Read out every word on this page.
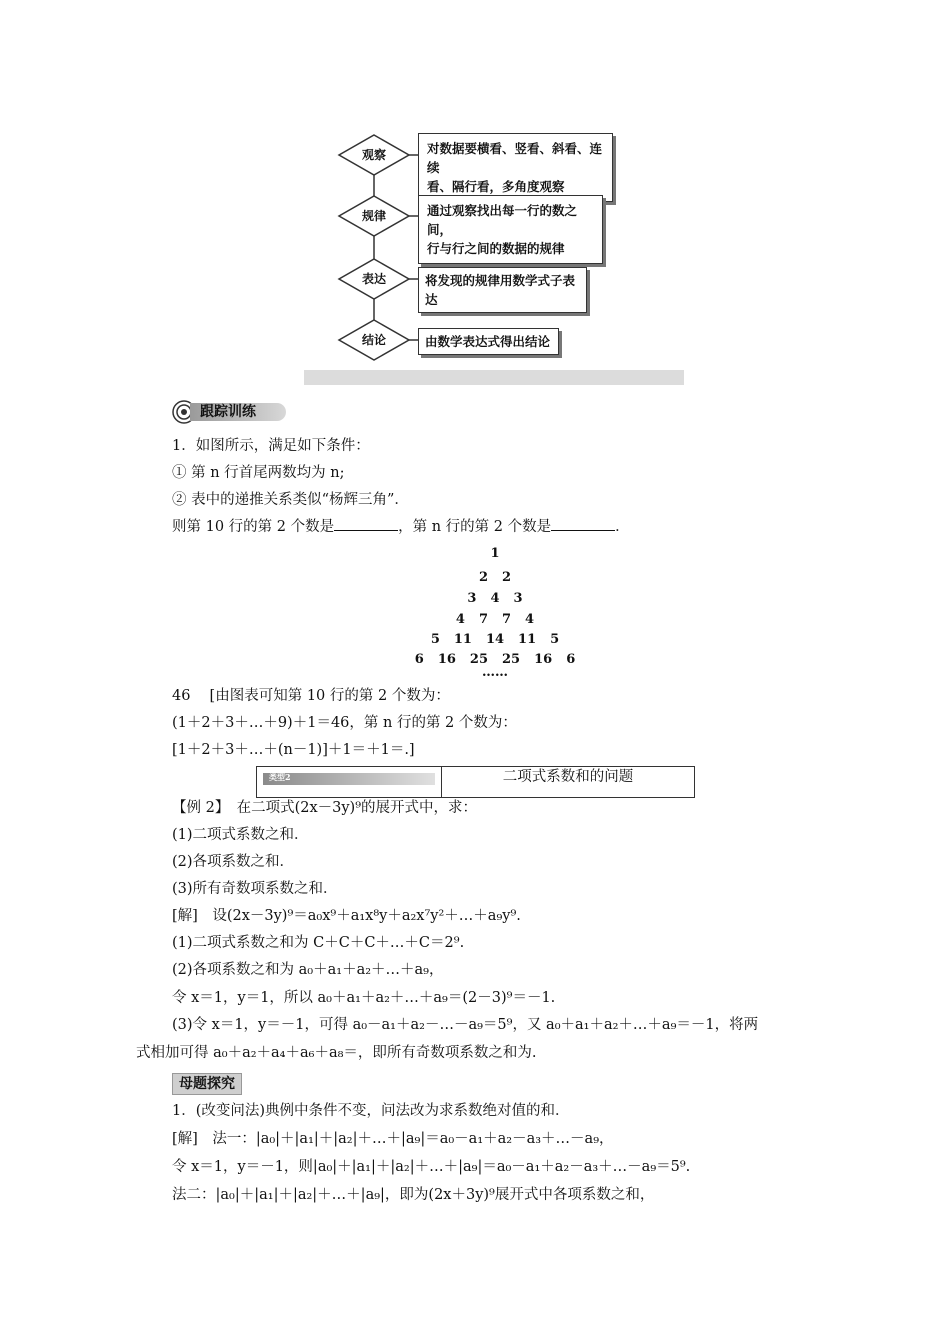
观察
规律
表达
结论
对数据要横看、竖看、斜看、连续
看、隔行看，多角度观察
通过观察找出每一行的数之间，
行与行之间的数据的规律
将发现的规律用数学式子表达
由数学表达式得出结论
跟踪训练
1．如图所示，满足如下条件：
① 第 n 行首尾两数均为 n;
② 表中的递推关系类似“杨辉三角”．
则第 10 行的第 2 个数是	，第 n 行的第 2 个数是	．
1
2 2
3 4 3
4 7 7 4
5 11 14 11 5
6 16 25 25 16 6
……
46　 [由图表可知第 10 行的第 2 个数为：
(1＋2＋3＋…＋9)＋1＝46，第 n 行的第 2 个数为：
[1＋2＋3＋…＋(n－1)]＋1＝＋1＝.]
类型2	二项式系数和的问题
【例 2】　在二项式(2x－3y)⁹的展开式中，求：
(1)二项式系数之和．
(2)各项系数之和．
(3)所有奇数项系数之和．
[解]　设(2x－3y)⁹＝a₀x⁹＋a₁x⁸y＋a₂x⁷y²＋…＋a₉y⁹.
(1)二项式系数之和为 C＋C＋C＋…＋C＝2⁹.
(2)各项系数之和为 a₀＋a₁＋a₂＋…＋a₉，
令 x＝1，y＝1，所以 a₀＋a₁＋a₂＋…＋a₉＝(2－3)⁹＝－1.
(3)令 x＝1，y＝－1，可得 a₀－a₁＋a₂－…－a₉＝5⁹，又 a₀＋a₁＋a₂＋…＋a₉＝－1，将两
式相加可得 a₀＋a₂＋a₄＋a₆＋a₈＝，即所有奇数项系数之和为.
母题探究
1．(改变问法)典例中条件不变，问法改为求系数绝对值的和．
[解]　法一：|a₀|＋|a₁|＋|a₂|＋…＋|a₉|＝a₀－a₁＋a₂－a₃＋…－a₉，
令 x＝1，y＝－1，则|a₀|＋|a₁|＋|a₂|＋…＋|a₉|＝a₀－a₁＋a₂－a₃＋…－a₉＝5⁹.
法二：|a₀|＋|a₁|＋|a₂|＋…＋|a₉|，即为(2x＋3y)⁹展开式中各项系数之和，
